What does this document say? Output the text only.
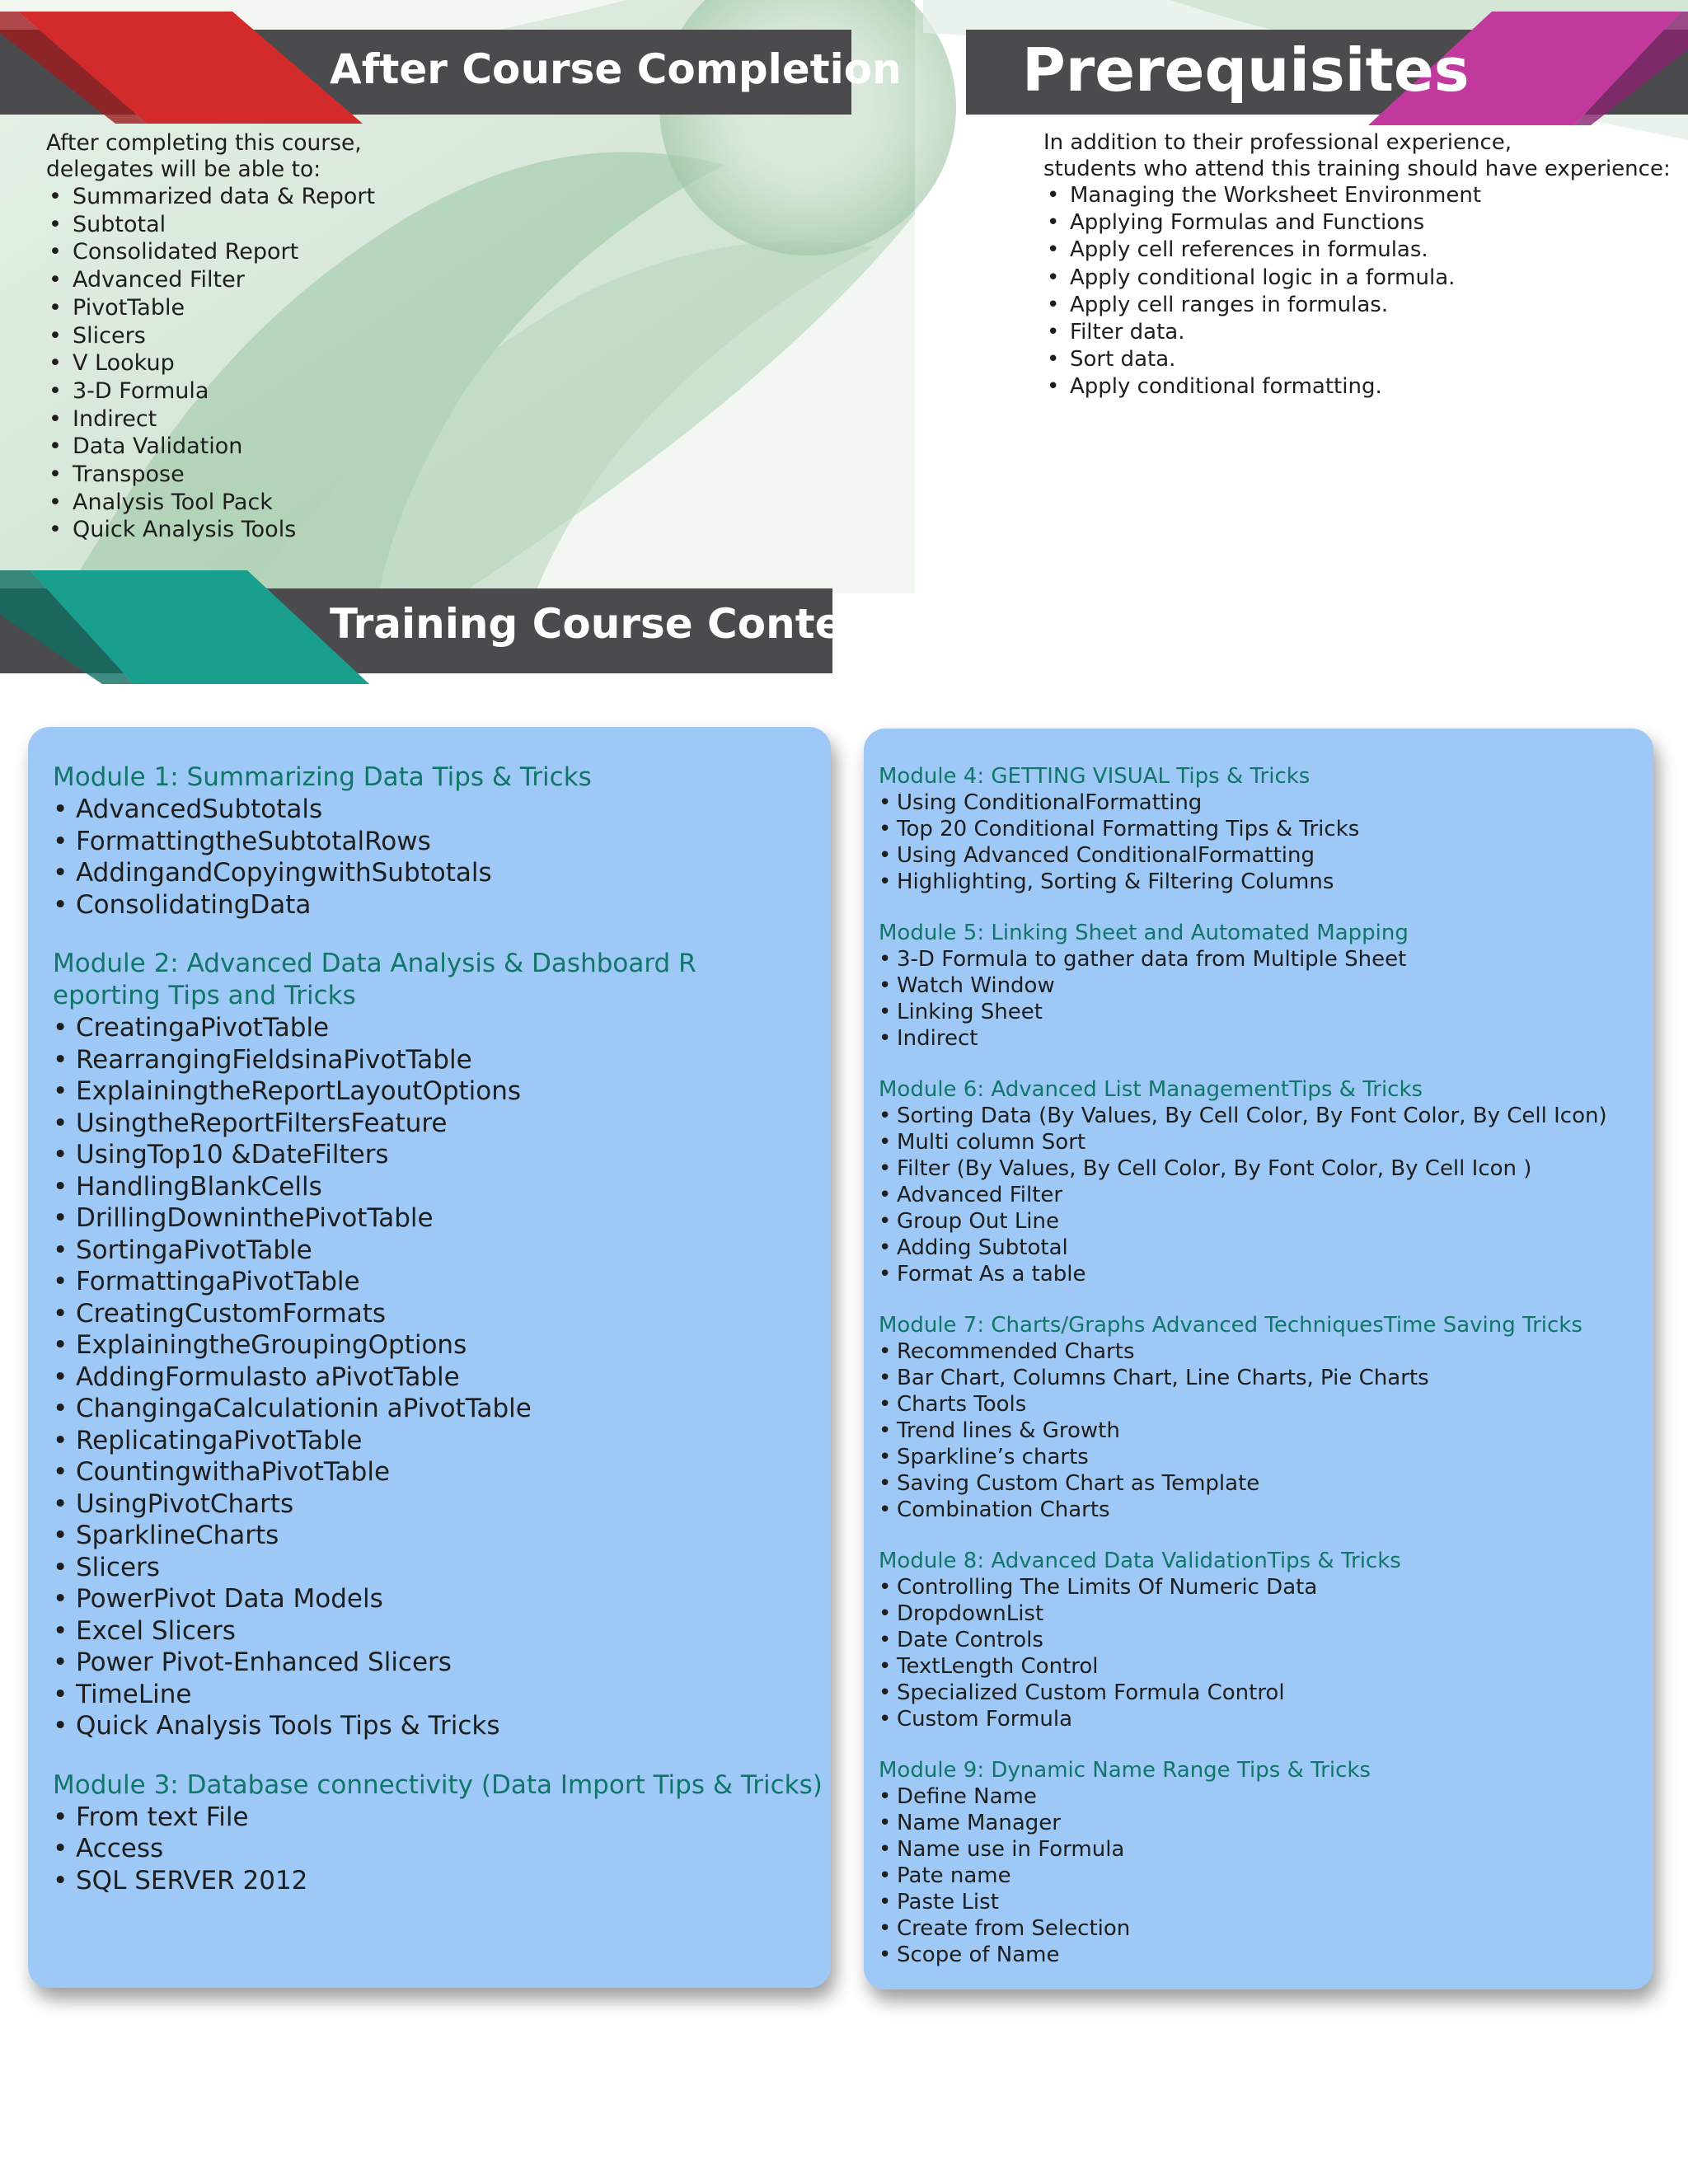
After Course Completion Prerequisites
After completing this course,
delegates will be able to:
• Summarized data & Report
• Subtotal
• Consolidated Report
• Advanced Filter
• PivotTable
• Slicers
• V Lookup
• 3-D Formula
• Indirect
• Data Validation
• Transpose
• Analysis Tool Pack
• Quick Analysis Tools
In addition to their professional experience,
students who attend this training should have experience:
• Managing the Worksheet Environment
• Applying Formulas and Functions
• Apply cell references in formulas.
• Apply conditional logic in a formula.
• Apply cell ranges in formulas.
• Filter data.
• Sort data.
• Apply conditional formatting.
Training Course Contents
Module 1: Summarizing Data Tips & Tricks
• AdvancedSubtotals
• FormattingtheSubtotalRows
• AddingandCopyingwithSubtotals
• ConsolidatingData
Module 2: Advanced Data Analysis & Dashboard R
eporting Tips and Tricks
• CreatingaPivotTable
• RearrangingFieldsinaPivotTable
• ExplainingtheReportLayoutOptions
• UsingtheReportFiltersFeature
• UsingTop10 &DateFilters
• HandlingBlankCells
• DrillingDowninthePivotTable
• SortingaPivotTable
• FormattingaPivotTable
• CreatingCustomFormats
• ExplainingtheGroupingOptions
• AddingFormulasto aPivotTable
• ChangingaCalculationin aPivotTable
• ReplicatingaPivotTable
• CountingwithaPivotTable
• UsingPivotCharts
• SparklineCharts
• Slicers
• PowerPivot Data Models
• Excel Slicers
• Power Pivot-Enhanced Slicers
• TimeLine
• Quick Analysis Tools Tips & Tricks
Module 3: Database connectivity (Data Import Tips & Tricks)
• From text File
• Access
• SQL SERVER 2012
Module 4: GETTING VISUAL Tips & Tricks
• Using ConditionalFormatting
• Top 20 Conditional Formatting Tips & Tricks
• Using Advanced ConditionalFormatting
• Highlighting, Sorting & Filtering Columns
Module 5: Linking Sheet and Automated Mapping
• 3-D Formula to gather data from Multiple Sheet
• Watch Window
• Linking Sheet
• Indirect
Module 6: Advanced List ManagementTips & Tricks
• Sorting Data (By Values, By Cell Color, By Font Color, By Cell Icon)
• Multi column Sort
• Filter (By Values, By Cell Color, By Font Color, By Cell Icon )
• Advanced Filter
• Group Out Line
• Adding Subtotal
• Format As a table
Module 7: Charts/Graphs Advanced TechniquesTime Saving Tricks
• Recommended Charts
• Bar Chart, Columns Chart, Line Charts, Pie Charts
• Charts Tools
• Trend lines & Growth
• Sparkline’s charts
• Saving Custom Chart as Template
• Combination Charts
Module 8: Advanced Data ValidationTips & Tricks
• Controlling The Limits Of Numeric Data
• DropdownList
• Date Controls
• TextLength Control
• Specialized Custom Formula Control
• Custom Formula
Module 9: Dynamic Name Range Tips & Tricks
• Define Name
• Name Manager
• Name use in Formula
• Pate name
• Paste List
• Create from Selection
• Scope of Name
